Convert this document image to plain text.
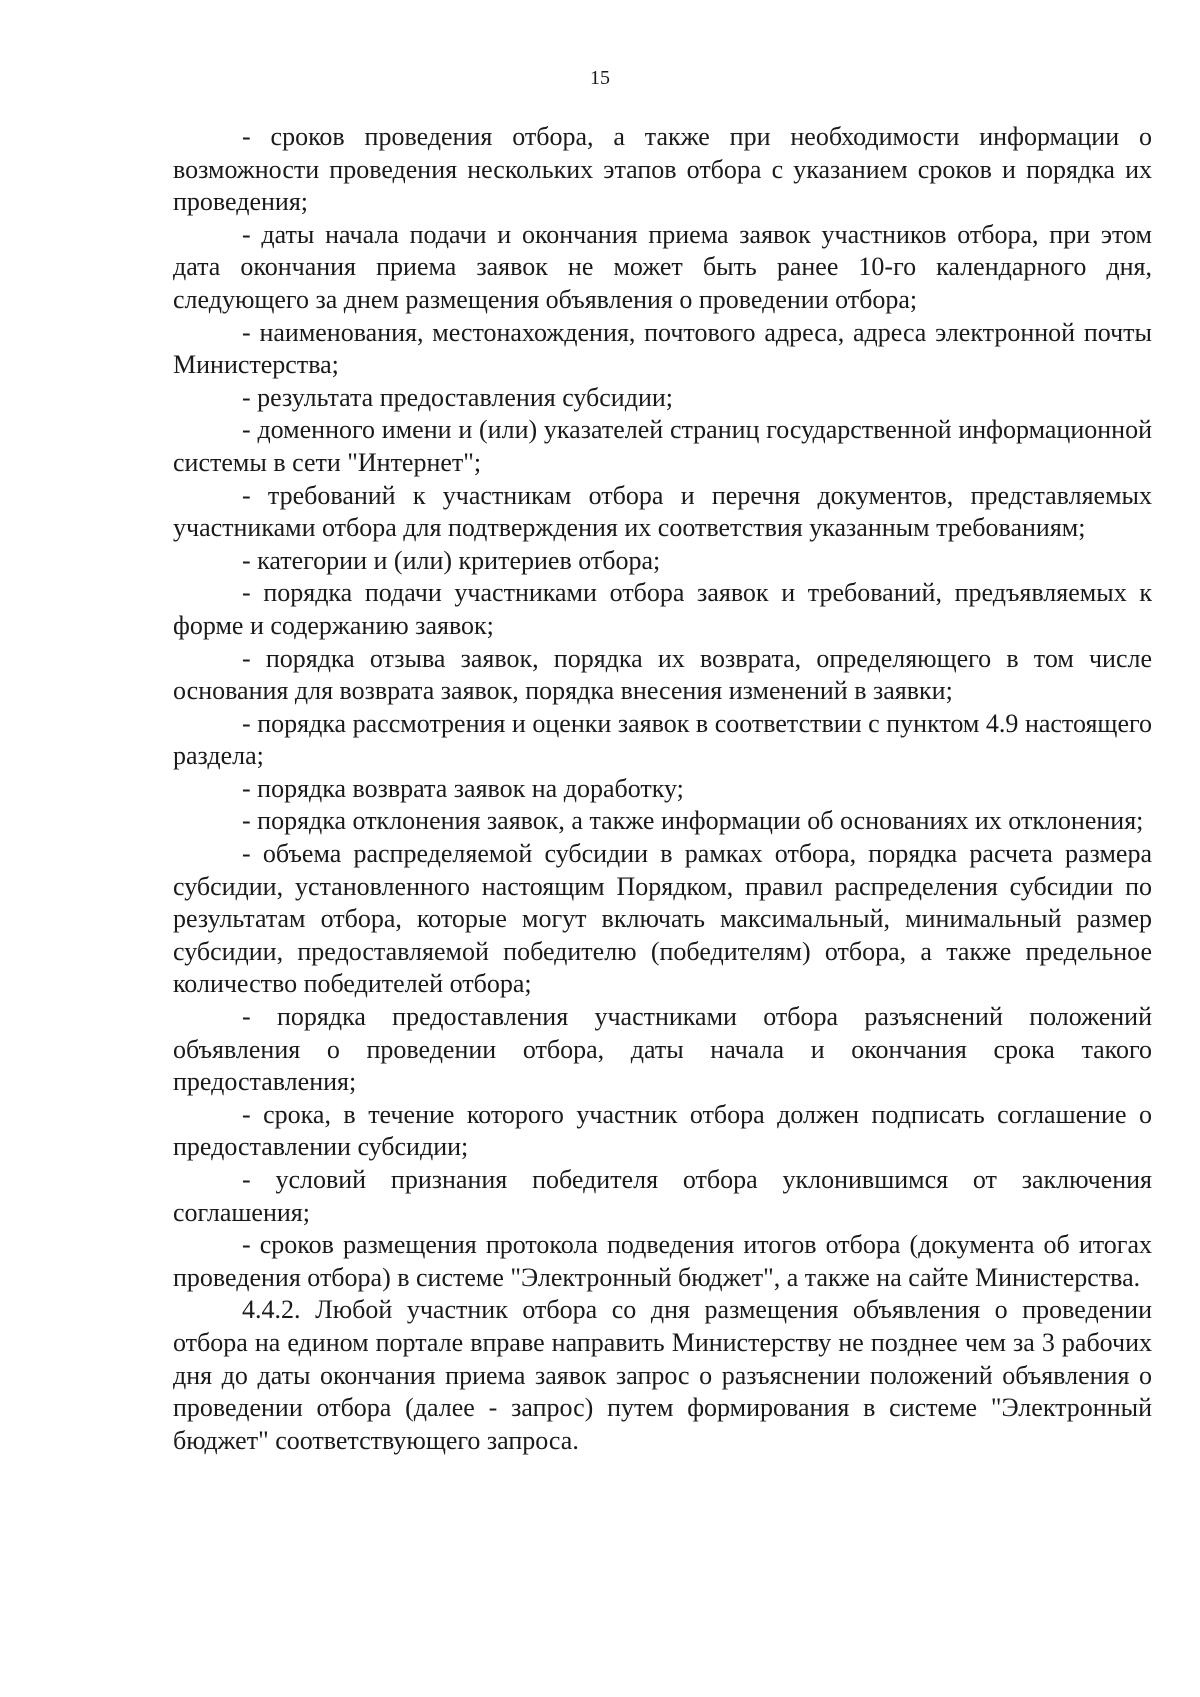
15

- сроков проведения отбора, а также при необходимости информации о возможности проведения нескольких этапов отбора с указанием сроков и порядка их проведения;

- даты начала подачи и окончания приема заявок участников отбора, при этом дата окончания приема заявок не может быть ранее 10-го календарного дня, следующего за днем размещения объявления о проведении отбора;

- наименования, местонахождения, почтового адреса, адреса электронной почты Министерства;

- результата предоставления субсидии;

- доменного имени и (или) указателей страниц государственной информационной системы в сети "Интернет";

- требований к участникам отбора и перечня документов, представляемых участниками отбора для подтверждения их соответствия указанным требованиям;

- категории и (или) критериев отбора;

- порядка подачи участниками отбора заявок и требований, предъявляемых к форме и содержанию заявок;

- порядка отзыва заявок, порядка их возврата, определяющего в том числе основания для возврата заявок, порядка внесения изменений в заявки;

- порядка рассмотрения и оценки заявок в соответствии с пунктом 4.9 настоящего раздела;

- порядка возврата заявок на доработку;

- порядка отклонения заявок, а также информации об основаниях их отклонения;

- объема распределяемой субсидии в рамках отбора, порядка расчета размера субсидии, установленного настоящим Порядком, правил распределения субсидии по результатам отбора, которые могут включать максимальный, минимальный размер субсидии, предоставляемой победителю (победителям) отбора, а также предельное количество победителей отбора;

- порядка предоставления участниками отбора разъяснений положений объявления о проведении отбора, даты начала и окончания срока такого предоставления;

- срока, в течение которого участник отбора должен подписать соглашение о предоставлении субсидии;

- условий признания победителя отбора уклонившимся от заключения соглашения;

- сроков размещения протокола подведения итогов отбора (документа об итогах проведения отбора) в системе "Электронный бюджет", а также на сайте Министерства.

4.4.2. Любой участник отбора со дня размещения объявления о проведении отбора на едином портале вправе направить Министерству не позднее чем за 3 рабочих дня до даты окончания приема заявок запрос о разъяснении положений объявления о проведении отбора (далее - запрос) путем формирования в системе "Электронный бюджет" соответствующего запроса.
